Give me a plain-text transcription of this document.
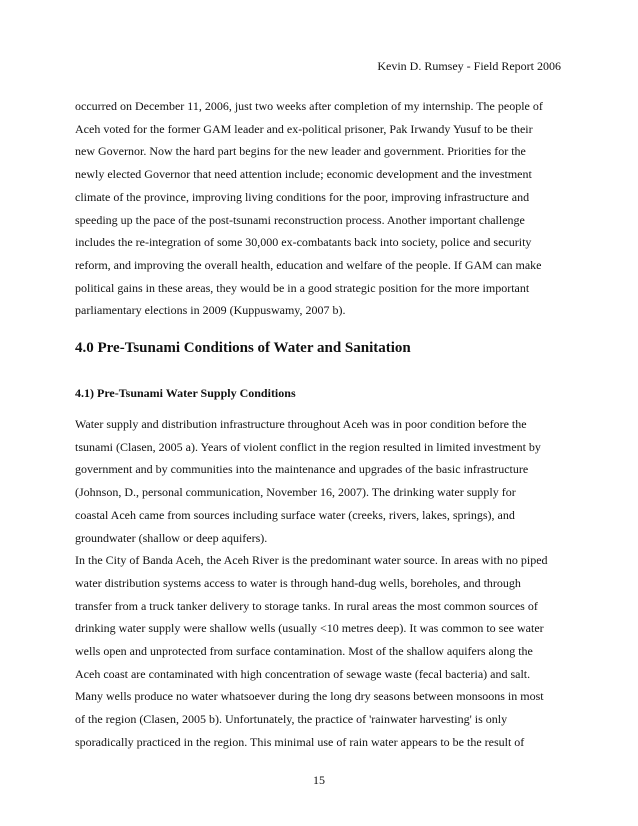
Kevin D. Rumsey - Field Report 2006
occurred on December 11, 2006, just two weeks after completion of my internship. The people of
Aceh voted for the former GAM leader and ex-political prisoner, Pak Irwandy Yusuf to be their
new Governor. Now the hard part begins for the new leader and government. Priorities for the
newly elected Governor that need attention include; economic development and the investment
climate of the province, improving living conditions for the poor, improving infrastructure and
speeding up the pace of the post-tsunami reconstruction process. Another important challenge
includes the re-integration of some 30,000 ex-combatants back into society, police and security
reform, and improving the overall health, education and welfare of the people. If GAM can make
political gains in these areas, they would be in a good strategic position for the more important
parliamentary elections in 2009 (Kuppuswamy, 2007 b).
4.0 Pre-Tsunami Conditions of Water and Sanitation
4.1) Pre-Tsunami Water Supply Conditions
Water supply and distribution infrastructure throughout Aceh was in poor condition before the
tsunami (Clasen, 2005 a). Years of violent conflict in the region resulted in limited investment by
government and by communities into the maintenance and upgrades of the basic infrastructure
(Johnson, D., personal communication, November 16, 2007). The drinking water supply for
coastal Aceh came from sources including surface water (creeks, rivers, lakes, springs), and
groundwater (shallow or deep aquifers).
In the City of Banda Aceh, the Aceh River is the predominant water source. In areas with no piped
water distribution systems access to water is through hand-dug wells, boreholes, and through
transfer from a truck tanker delivery to storage tanks. In rural areas the most common sources of
drinking water supply were shallow wells (usually <10 metres deep). It was common to see water
wells open and unprotected from surface contamination. Most of the shallow aquifers along the
Aceh coast are contaminated with high concentration of sewage waste (fecal bacteria) and salt.
Many wells produce no water whatsoever during the long dry seasons between monsoons in most
of the region (Clasen, 2005 b). Unfortunately, the practice of 'rainwater harvesting' is only
sporadically practiced in the region. This minimal use of rain water appears to be the result of
15
